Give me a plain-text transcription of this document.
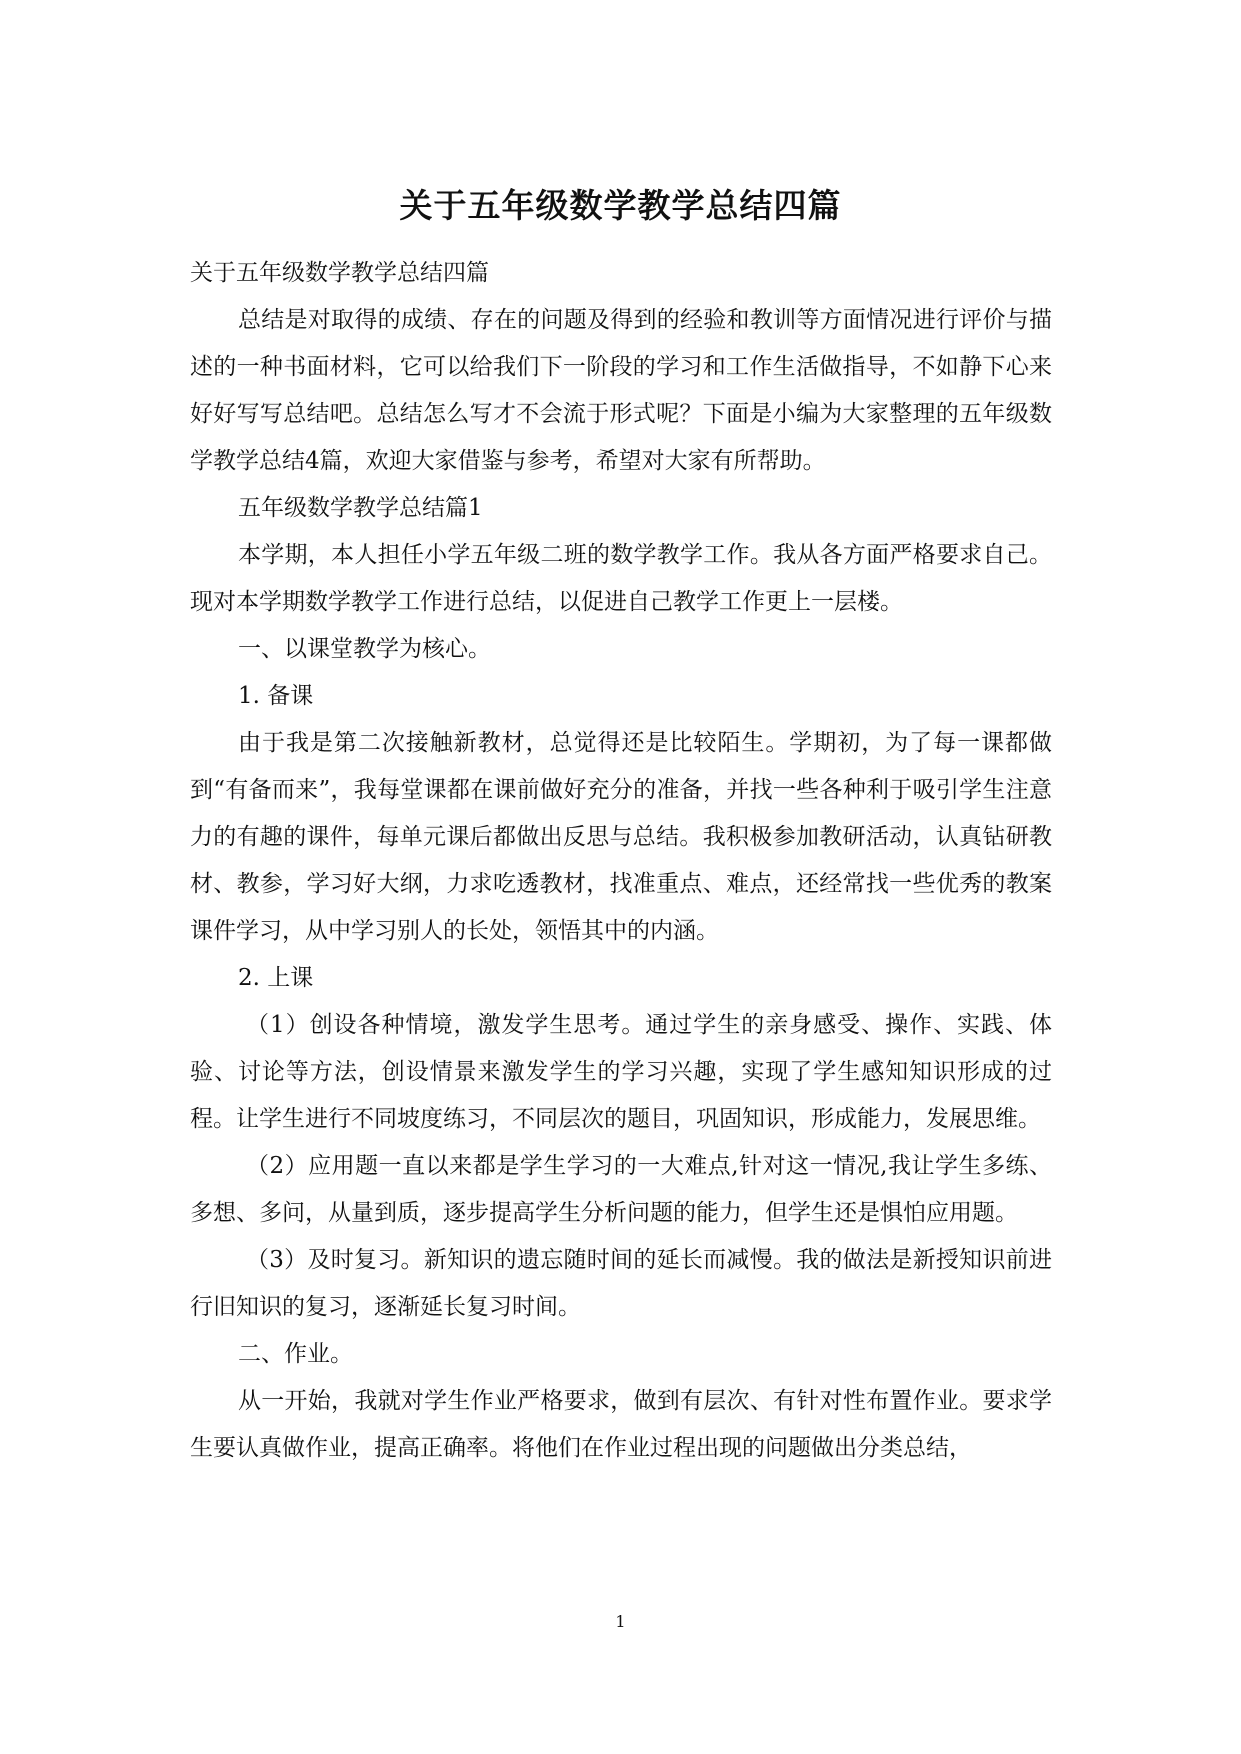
关于五年级数学教学总结四篇

关于五年级数学教学总结四篇

总结是对取得的成绩、存在的问题及得到的经验和教训等方面情况进行评价与描述的一种书面材料，它可以给我们下一阶段的学习和工作生活做指导，不如静下心来好好写写总结吧。总结怎么写才不会流于形式呢？下面是小编为大家整理的五年级数学教学总结4篇，欢迎大家借鉴与参考，希望对大家有所帮助。

五年级数学教学总结篇1

本学期，本人担任小学五年级二班的数学教学工作。我从各方面严格要求自己。现对本学期数学教学工作进行总结，以促进自己教学工作更上一层楼。

一、以课堂教学为核心。

1. 备课

由于我是第二次接触新教材，总觉得还是比较陌生。学期初，为了每一课都做到“有备而来”，我每堂课都在课前做好充分的准备，并找一些各种利于吸引学生注意力的有趣的课件，每单元课后都做出反思与总结。我积极参加教研活动，认真钻研教材、教参，学习好大纲，力求吃透教材，找准重点、难点，还经常找一些优秀的教案课件学习，从中学习别人的长处，领悟其中的内涵。

2. 上课

（1）创设各种情境，激发学生思考。通过学生的亲身感受、操作、实践、体验、讨论等方法，创设情景来激发学生的学习兴趣，实现了学生感知知识形成的过程。让学生进行不同坡度练习，不同层次的题目，巩固知识，形成能力，发展思维。

（2）应用题一直以来都是学生学习的一大难点,针对这一情况,我让学生多练、多想、多问，从量到质，逐步提高学生分析问题的能力，但学生还是惧怕应用题。

（3）及时复习。新知识的遗忘随时间的延长而减慢。我的做法是新授知识前进行旧知识的复习，逐渐延长复习时间。

二、作业。

从一开始，我就对学生作业严格要求，做到有层次、有针对性布置作业。要求学生要认真做作业，提高正确率。将他们在作业过程出现的问题做出分类总结，

1
